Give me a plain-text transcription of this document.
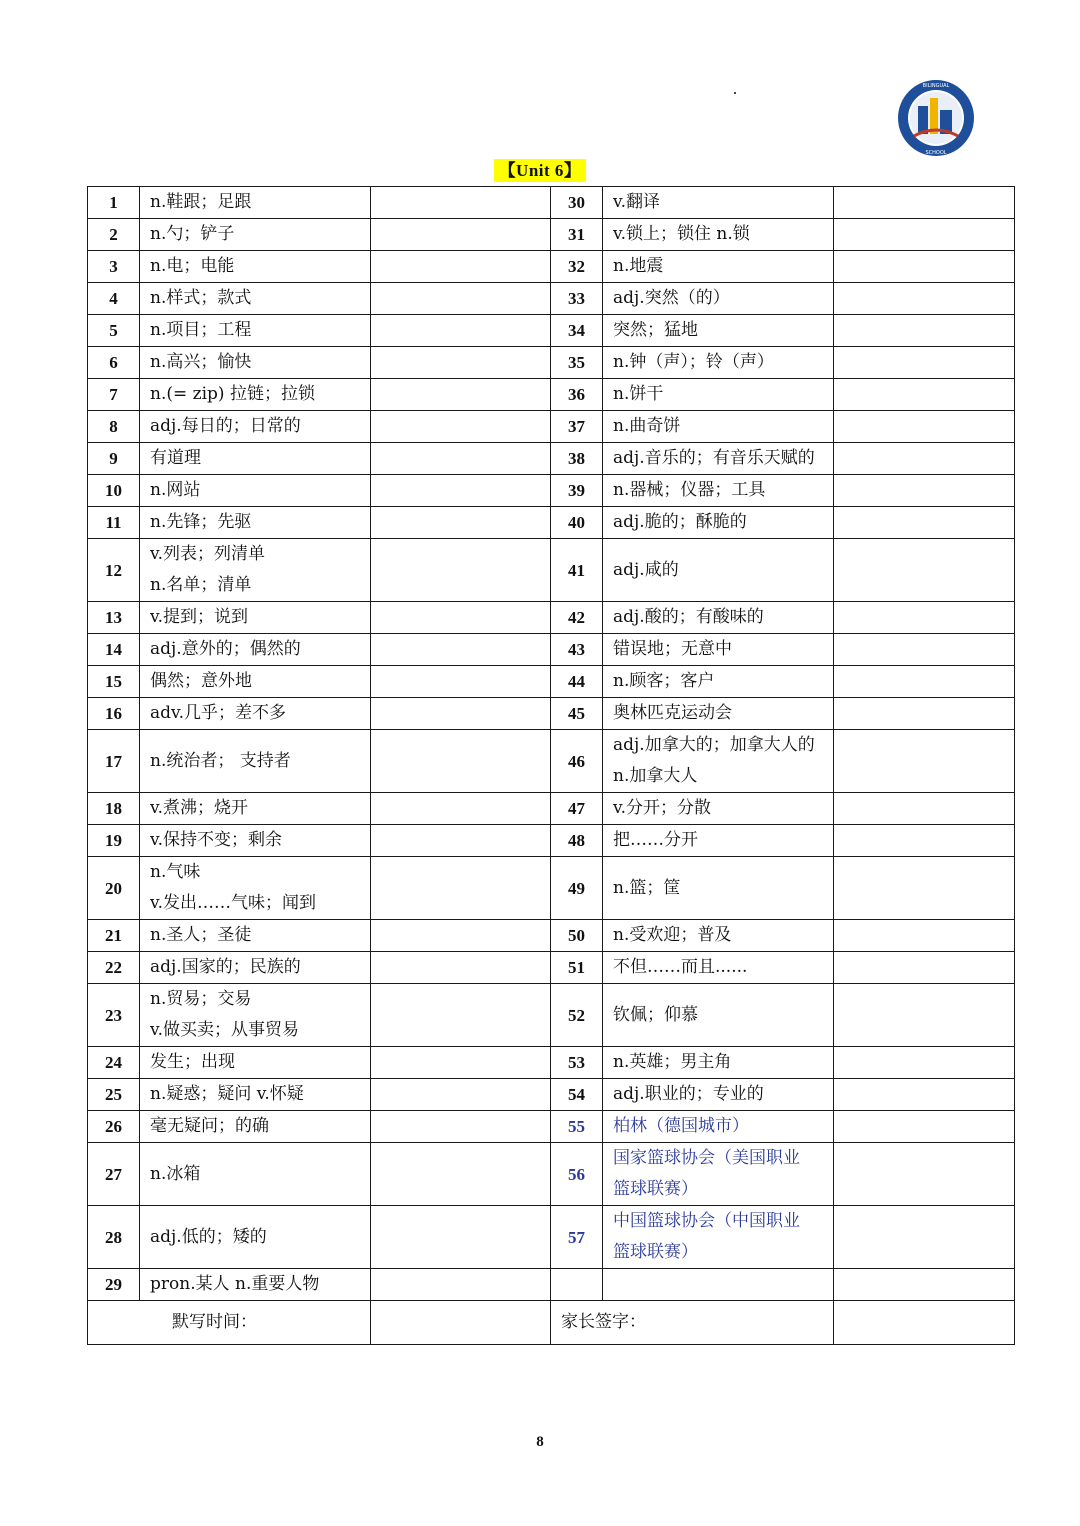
BILINGUAL
SCHOOL
【Unit 6】
1	n.鞋跟；足跟		30	v.翻译	

2	n.勺；铲子		31	v.锁上；锁住 n.锁	

3	n.电；电能		32	n.地震	

4	n.样式；款式		33	adj.突然（的）	

5	n.项目；工程		34	突然；猛地	

6	n.高兴；愉快		35	n.钟（声）；铃（声）	

7	n.(= zip) 拉链；拉锁		36	n.饼干	

8	adj.每日的；日常的		37	n.曲奇饼	

9	有道理		38	adj.音乐的；有音乐天赋的	

10	n.网站		39	n.器械；仪器；工具	

11	n.先锋；先驱		40	adj.脆的；酥脆的	

12	v.列表；列清单
n.名单；清单		41	adj.咸的	

13	v.提到；说到		42	adj.酸的；有酸味的	

14	adj.意外的；偶然的		43	错误地；无意中	

15	偶然；意外地		44	n.顾客；客户	

16	adv.几乎；差不多		45	奥林匹克运动会	

17	n.统治者； 支持者		46	adj.加拿大的；加拿大人的
n.加拿大人	

18	v.煮沸；烧开		47	v.分开；分散	

19	v.保持不变；剩余		48	把……分开	

20	n.气味
v.发出……气味；闻到		49	n.篮；筐	

21	n.圣人；圣徒		50	n.受欢迎；普及	

22	adj.国家的；民族的		51	不但……而且......	

23	n.贸易；交易
v.做买卖；从事贸易		52	钦佩；仰慕	

24	发生；出现		53	n.英雄；男主角	

25	n.疑惑；疑问 v.怀疑		54	adj.职业的；专业的	

26	毫无疑问；的确		55	柏林（德国城市）	

27	n.冰箱		56	国家篮球协会（美国职业
篮球联赛）	

28	adj.低的；矮的		57	中国篮球协会（中国职业
篮球联赛）	

29	pron.某人 n.重要人物				

默写时间：			家长签字：		
8
